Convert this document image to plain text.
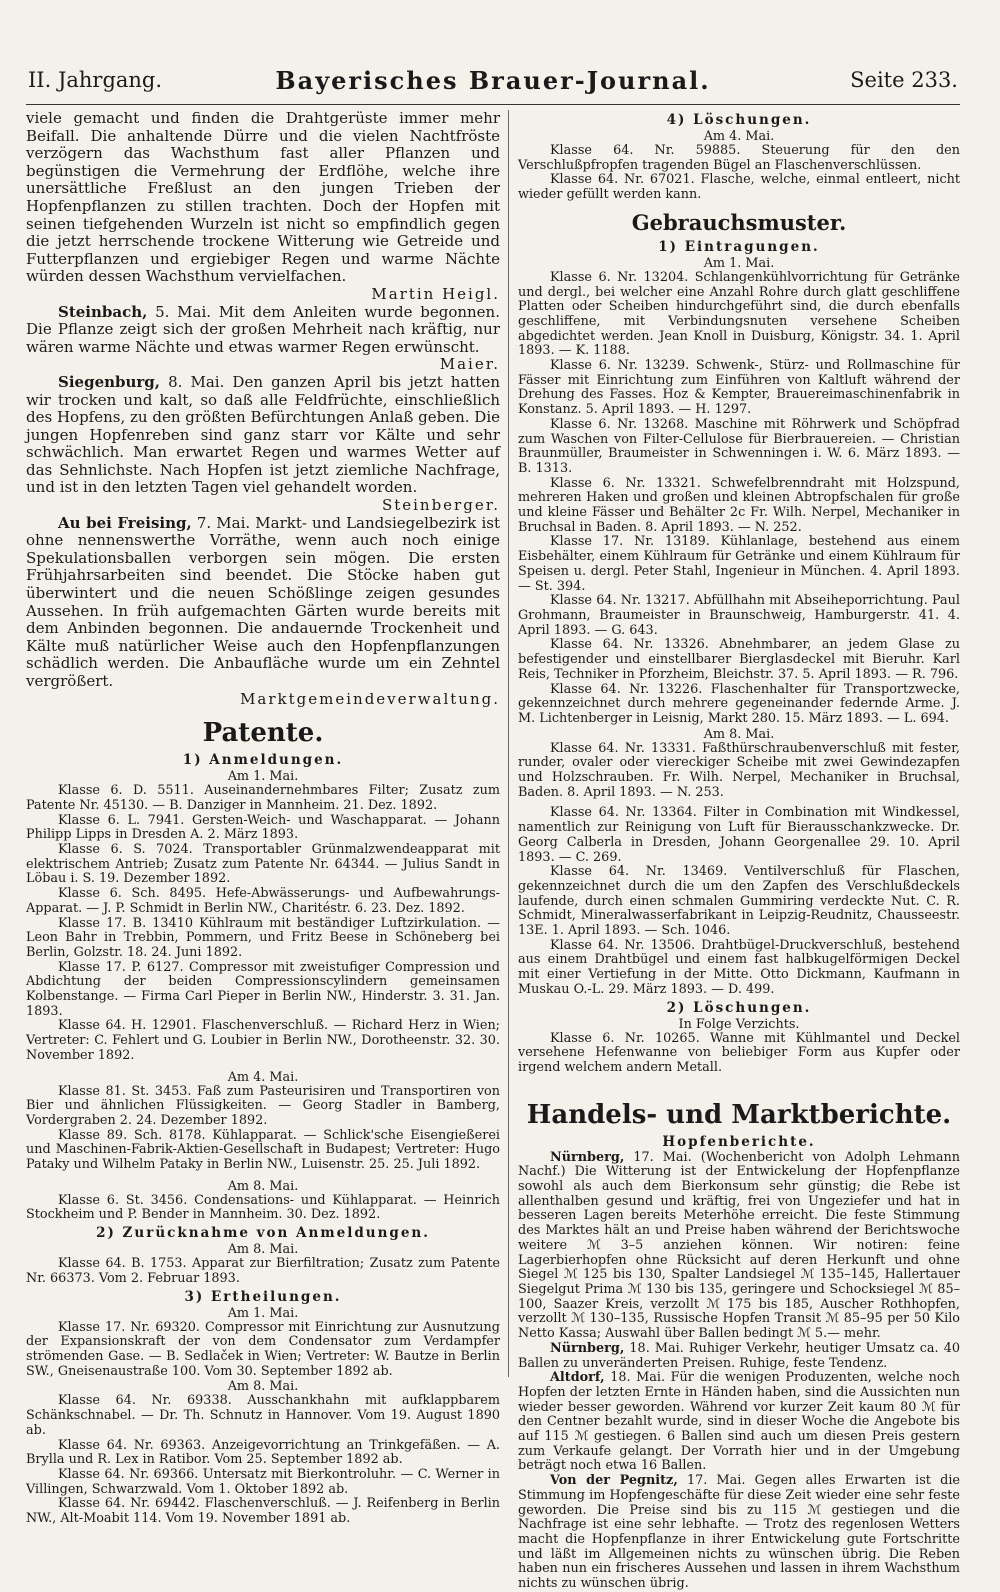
II. Jahrgang.	Bayerisches Brauer-Journal.	Seite 233.

viele gemacht und finden die Drahtgerüste immer mehr Beifall. Die anhaltende Dürre und die vielen Nachtfröste verzögern das Wachsthum fast aller Pflanzen und begünstigen die Vermehrung der Erdflöhe, welche ihre unersättliche Freßlust an den jungen Trieben der Hopfenpflanzen zu stillen trachten. Doch der Hopfen mit seinen tiefgehenden Wurzeln ist nicht so empfindlich gegen die jetzt herrschende trockene Witterung wie Getreide und Futterpflanzen und ergiebiger Regen und warme Nächte würden dessen Wachsthum vervielfachen.

Martin Heigl.

Steinbach, 5. Mai. Mit dem Anleiten wurde begonnen. Die Pflanze zeigt sich der großen Mehrheit nach kräftig, nur wären warme Nächte und etwas warmer Regen erwünscht.

Maier.

Siegenburg, 8. Mai. Den ganzen April bis jetzt hatten wir trocken und kalt, so daß alle Feldfrüchte, einschließlich des Hopfens, zu den größten Befürchtungen Anlaß geben. Die jungen Hopfenreben sind ganz starr vor Kälte und sehr schwächlich. Man erwartet Regen und warmes Wetter auf das Sehnlichste. Nach Hopfen ist jetzt ziemliche Nachfrage, und ist in den letzten Tagen viel gehandelt worden.

Steinberger.

Au bei Freising, 7. Mai. Markt- und Landsiegelbezirk ist ohne nennenswerthe Vorräthe, wenn auch noch einige Spekulationsballen verborgen sein mögen. Die ersten Frühjahrsarbeiten sind beendet. Die Stöcke haben gut überwintert und die neuen Schößlinge zeigen gesundes Aussehen. In früh aufgemachten Gärten wurde bereits mit dem Anbinden begonnen. Die andauernde Trockenheit und Kälte muß natürlicher Weise auch den Hopfenpflanzungen schädlich werden. Die Anbaufläche wurde um ein Zehntel vergrößert.

Marktgemeindeverwaltung.

Patente.
1) Anmeldungen.

Am 1. Mai.

Klasse 6. D. 5511. Auseinandernehmbares Filter; Zusatz zum Patente Nr. 45130. — B. Danziger in Mannheim. 21. Dez. 1892.

Klasse 6. L. 7941. Gersten-Weich- und Waschapparat. — Johann Philipp Lipps in Dresden A. 2. März 1893.

Klasse 6. S. 7024. Transportabler Grünmalzwendeapparat mit elektrischem Antrieb; Zusatz zum Patente Nr. 64344. — Julius Sandt in Löbau i. S. 19. Dezember 1892.

Klasse 6. Sch. 8495. Hefe-Abwässerungs- und Aufbewahrungs-Apparat. — J. P. Schmidt in Berlin NW., Charitéstr. 6. 23. Dez. 1892.

Klasse 17. B. 13410 Kühlraum mit beständiger Luftzirkulation. — Leon Bahr in Trebbin, Pommern, und Fritz Beese in Schöneberg bei Berlin, Golzstr. 18. 24. Juni 1892.

Klasse 17. P. 6127. Compressor mit zweistufiger Compression und Abdichtung der beiden Compressionscylindern gemeinsamen Kolbenstange. — Firma Carl Pieper in Berlin NW., Hinderstr. 3. 31. Jan. 1893.

Klasse 64. H. 12901. Flaschenverschluß. — Richard Herz in Wien; Vertreter: C. Fehlert und G. Loubier in Berlin NW., Dorotheenstr. 32. 30. November 1892.

Am 4. Mai.

Klasse 81. St. 3453. Faß zum Pasteurisiren und Transportiren von Bier und ähnlichen Flüssigkeiten. — Georg Stadler in Bamberg, Vordergraben 2. 24. Dezember 1892.

Klasse 89. Sch. 8178. Kühlapparat. — Schlick'sche Eisengießerei und Maschinen-Fabrik-Aktien-Gesellschaft in Budapest; Vertreter: Hugo Pataky und Wilhelm Pataky in Berlin NW., Luisenstr. 25. 25. Juli 1892.

Am 8. Mai.

Klasse 6. St. 3456. Condensations- und Kühlapparat. — Heinrich Stockheim und P. Bender in Mannheim. 30. Dez. 1892.

2) Zurücknahme von Anmeldungen.

Am 8. Mai.

Klasse 64. B. 1753. Apparat zur Bierfiltration; Zusatz zum Patente Nr. 66373. Vom 2. Februar 1893.

3) Ertheilungen.

Am 1. Mai.

Klasse 17. Nr. 69320. Compressor mit Einrichtung zur Ausnutzung der Expansionskraft der von dem Condensator zum Verdampfer strömenden Gase. — B. Sedlaček in Wien; Vertreter: W. Bautze in Berlin SW., Gneisenaustraße 100. Vom 30. September 1892 ab.

Am 8. Mai.

Klasse 64. Nr. 69338. Ausschankhahn mit aufklappbarem Schänkschnabel. — Dr. Th. Schnutz in Hannover. Vom 19. August 1890 ab.

Klasse 64. Nr. 69363. Anzeigevorrichtung an Trinkgefäßen. — A. Brylla und R. Lex in Ratibor. Vom 25. September 1892 ab.

Klasse 64. Nr. 69366. Untersatz mit Bierkontroluhr. — C. Werner in Villingen, Schwarzwald. Vom 1. Oktober 1892 ab.

Klasse 64. Nr. 69442. Flaschenverschluß. — J. Reifenberg in Berlin NW., Alt-Moabit 114. Vom 19. November 1891 ab.

4) Löschungen.

Am 4. Mai.

Klasse 64. Nr. 59885. Steuerung für den den Verschlußpfropfen tragenden Bügel an Flaschenverschlüssen.

Klasse 64. Nr. 67021. Flasche, welche, einmal entleert, nicht wieder gefüllt werden kann.

Gebrauchsmuster.
1) Eintragungen.

Am 1. Mai.

Klasse 6. Nr. 13204. Schlangenkühlvorrichtung für Getränke und dergl., bei welcher eine Anzahl Rohre durch glatt geschliffene Platten oder Scheiben hindurchgeführt sind, die durch ebenfalls geschliffene, mit Verbindungsnuten versehene Scheiben abgedichtet werden. Jean Knoll in Duisburg, Königstr. 34. 1. April 1893. — K. 1188.

Klasse 6. Nr. 13239. Schwenk-, Stürz- und Rollmaschine für Fässer mit Einrichtung zum Einführen von Kaltluft während der Drehung des Fasses. Hoz & Kempter, Brauereimaschinenfabrik in Konstanz. 5. April 1893. — H. 1297.

Klasse 6. Nr. 13268. Maschine mit Röhrwerk und Schöpfrad zum Waschen von Filter-Cellulose für Bierbrauereien. — Christian Braunmüller, Braumeister in Schwenningen i. W. 6. März 1893. — B. 1313.

Klasse 6. Nr. 13321. Schwefelbrenndraht mit Holzspund, mehreren Haken und großen und kleinen Abtropfschalen für große und kleine Fässer und Behälter 2c Fr. Wilh. Nerpel, Mechaniker in Bruchsal in Baden. 8. April 1893. — N. 252.

Klasse 17. Nr. 13189. Kühlanlage, bestehend aus einem Eisbehälter, einem Kühlraum für Getränke und einem Kühlraum für Speisen u. dergl. Peter Stahl, Ingenieur in München. 4. April 1893. — St. 394.

Klasse 64. Nr. 13217. Abfüllhahn mit Abseiheporrichtung. Paul Grohmann, Braumeister in Braunschweig, Hamburgerstr. 41. 4. April 1893. — G. 643.

Klasse 64. Nr. 13326. Abnehmbarer, an jedem Glase zu befestigender und einstellbarer Bierglasdeckel mit Bieruhr. Karl Reis, Techniker in Pforzheim, Bleichstr. 37. 5. April 1893. — R. 796.

Klasse 64. Nr. 13226. Flaschenhalter für Transportzwecke, gekennzeichnet durch mehrere gegeneinander federnde Arme. J. M. Lichtenberger in Leisnig, Markt 280. 15. März 1893. — L. 694.

Am 8. Mai.

Klasse 64. Nr. 13331. Faßthürschraubenverschluß mit fester, runder, ovaler oder viereckiger Scheibe mit zwei Gewindezapfen und Holzschrauben. Fr. Wilh. Nerpel, Mechaniker in Bruchsal, Baden. 8. April 1893. — N. 253.

Klasse 64. Nr. 13364. Filter in Combination mit Windkessel, namentlich zur Reinigung von Luft für Bierausschankzwecke. Dr. Georg Calberla in Dresden, Johann Georgenallee 29. 10. April 1893. — C. 269.

Klasse 64. Nr. 13469. Ventilverschluß für Flaschen, gekennzeichnet durch die um den Zapfen des Verschlußdeckels laufende, durch einen schmalen Gummiring verdeckte Nut. C. R. Schmidt, Mineralwasserfabrikant in Leipzig-Reudnitz, Chausseestr. 13E. 1. April 1893. — Sch. 1046.

Klasse 64. Nr. 13506. Drahtbügel-Druckverschluß, bestehend aus einem Drahtbügel und einem fast halbkugelförmigen Deckel mit einer Vertiefung in der Mitte. Otto Dickmann, Kaufmann in Muskau O.-L. 29. März 1893. — D. 499.

2) Löschungen.

In Folge Verzichts.

Klasse 6. Nr. 10265. Wanne mit Kühlmantel und Deckel versehene Hefenwanne von beliebiger Form aus Kupfer oder irgend welchem andern Metall.

Handels- und Marktberichte.
Hopfenberichte.

Nürnberg, 17. Mai. (Wochenbericht von Adolph Lehmann Nachf.) Die Witterung ist der Entwickelung der Hopfenpflanze sowohl als auch dem Bierkonsum sehr günstig; die Rebe ist allenthalben gesund und kräftig, frei von Ungeziefer und hat in besseren Lagen bereits Meterhöhe erreicht. Die feste Stimmung des Marktes hält an und Preise haben während der Berichtswoche weitere ℳ 3–5 anziehen können. Wir notiren: feine Lagerbierhopfen ohne Rücksicht auf deren Herkunft und ohne Siegel ℳ 125 bis 130, Spalter Landsiegel ℳ 135–145, Hallertauer Siegelgut Prima ℳ 130 bis 135, geringere und Schocksiegel ℳ 85–100, Saazer Kreis, verzollt ℳ 175 bis 185, Auscher Rothhopfen, verzollt ℳ 130–135, Russische Hopfen Transit ℳ 85–95 per 50 Kilo Netto Kassa; Auswahl über Ballen bedingt ℳ 5.— mehr.

Nürnberg, 18. Mai. Ruhiger Verkehr, heutiger Umsatz ca. 40 Ballen zu unveränderten Preisen. Ruhige, feste Tendenz.

Altdorf, 18. Mai. Für die wenigen Produzenten, welche noch Hopfen der letzten Ernte in Händen haben, sind die Aussichten nun wieder besser geworden. Während vor kurzer Zeit kaum 80 ℳ für den Centner bezahlt wurde, sind in dieser Woche die Angebote bis auf 115 ℳ gestiegen. 6 Ballen sind auch um diesen Preis gestern zum Verkaufe gelangt. Der Vorrath hier und in der Umgebung beträgt noch etwa 16 Ballen.

Von der Pegnitz, 17. Mai. Gegen alles Erwarten ist die Stimmung im Hopfengeschäfte für diese Zeit wieder eine sehr feste geworden. Die Preise sind bis zu 115 ℳ gestiegen und die Nachfrage ist eine sehr lebhafte. — Trotz des regenlosen Wetters macht die Hopfenpflanze in ihrer Entwickelung gute Fortschritte und läßt im Allgemeinen nichts zu wünschen übrig. Die Reben haben nun ein frischeres Aussehen und lassen in ihrem Wachsthum nichts zu wünschen übrig.
